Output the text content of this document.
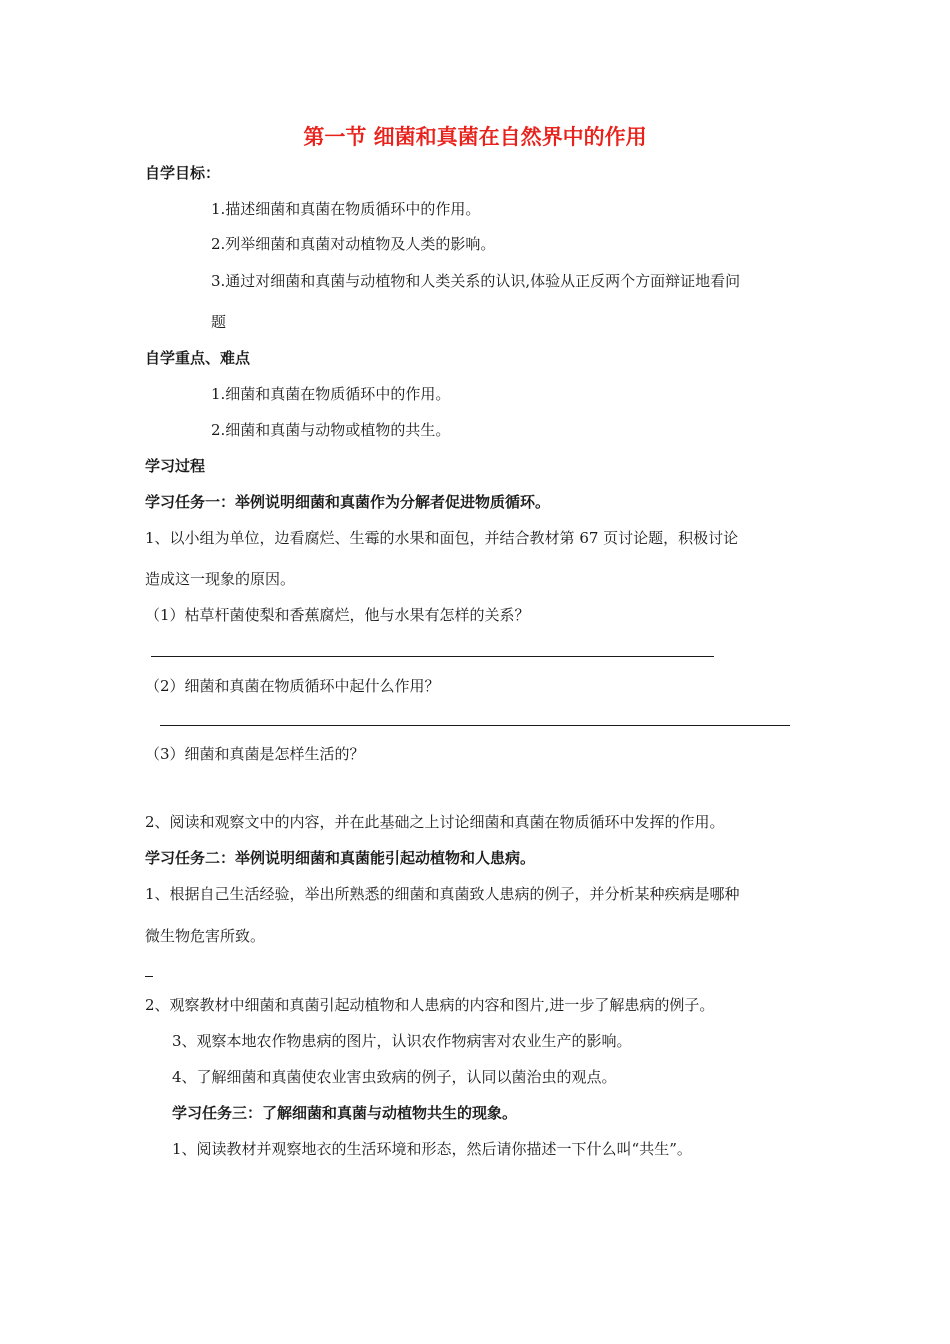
第一节 细菌和真菌在自然界中的作用

自学目标：

1.描述细菌和真菌在物质循环中的作用。

2.列举细菌和真菌对动植物及人类的影响。

3.通过对细菌和真菌与动植物和人类关系的认识,体验从正反两个方面辩证地看问

题

自学重点、难点

1.细菌和真菌在物质循环中的作用。

2.细菌和真菌与动物或植物的共生。

学习过程

学习任务一：举例说明细菌和真菌作为分解者促进物质循环。

1、以小组为单位，边看腐烂、生霉的水果和面包，并结合教材第 67 页讨论题，积极讨论

造成这一现象的原因。

（1）枯草杆菌使梨和香蕉腐烂，他与水果有怎样的关系？

（2）细菌和真菌在物质循环中起什么作用？

（3）细菌和真菌是怎样生活的？

2、阅读和观察文中的内容，并在此基础之上讨论细菌和真菌在物质循环中发挥的作用。

学习任务二：举例说明细菌和真菌能引起动植物和人患病。

1、根据自己生活经验，举出所熟悉的细菌和真菌致人患病的例子，并分析某种疾病是哪种

微生物危害所致。

2、观察教材中细菌和真菌引起动植物和人患病的内容和图片,进一步了解患病的例子。

3、观察本地农作物患病的图片，认识农作物病害对农业生产的影响。

4、了解细菌和真菌使农业害虫致病的例子，认同以菌治虫的观点。

学习任务三：了解细菌和真菌与动植物共生的现象。

1、阅读教材并观察地衣的生活环境和形态，然后请你描述一下什么叫“共生”。
